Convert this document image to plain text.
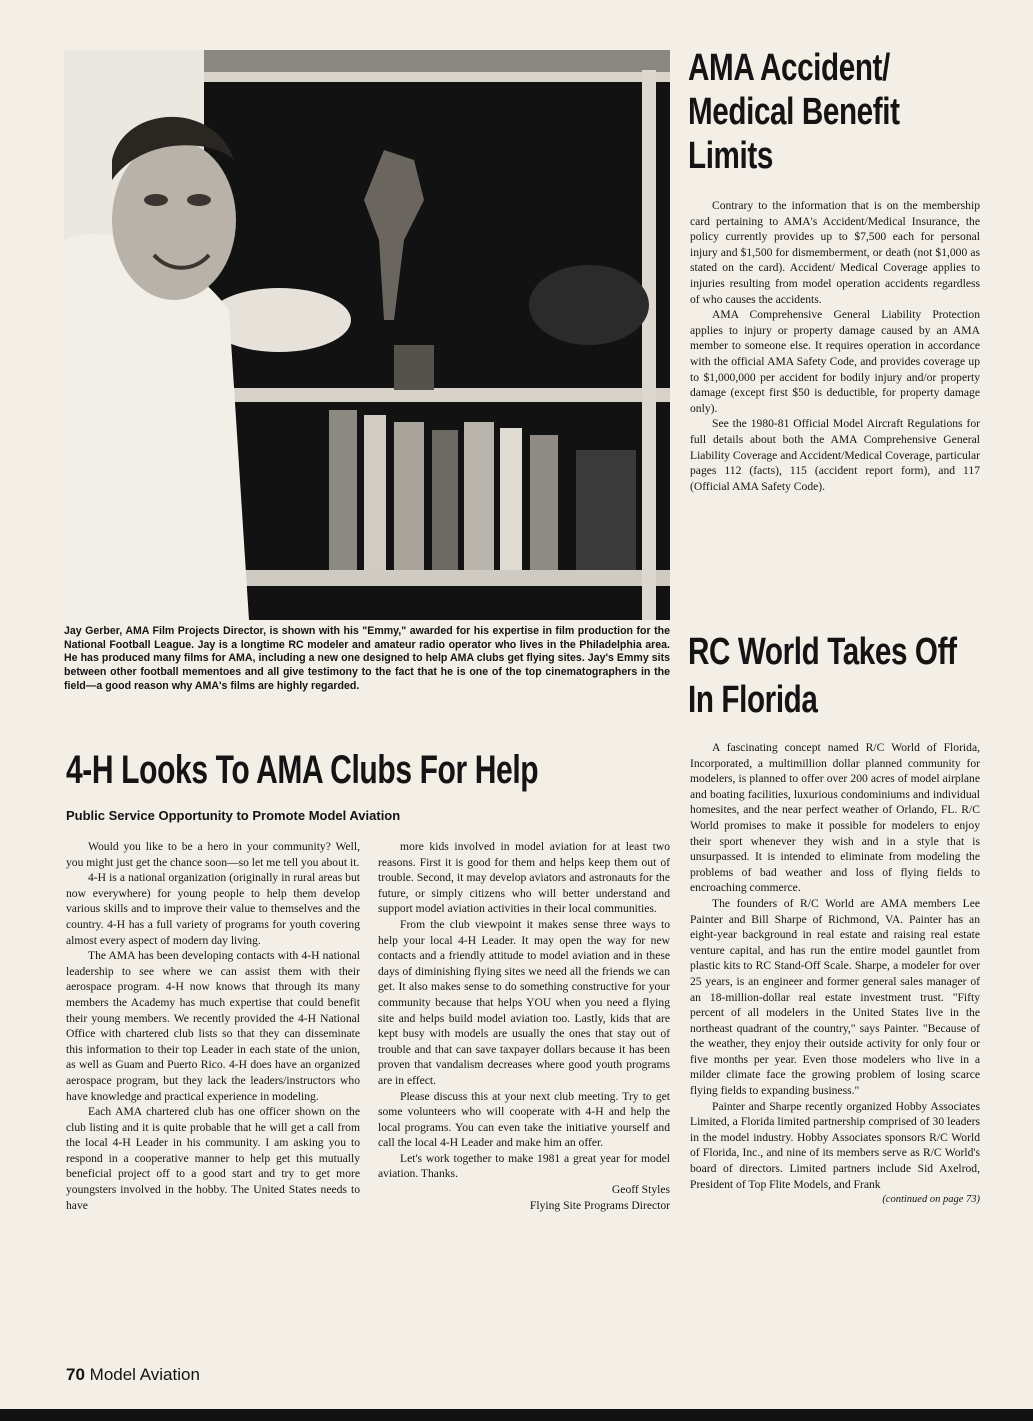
Jay Gerber, AMA Film Projects Director, is shown with his "Emmy," awarded for his expertise in film production for the National Football League. Jay is a longtime RC modeler and amateur radio operator who lives in the Philadelphia area. He has produced many films for AMA, including a new one designed to help AMA clubs get flying sites. Jay's Emmy sits between other football mementoes and all give testimony to the fact that he is one of the top cinematographers in the field—a good reason why AMA's films are highly regarded.

AMA Accident/ Medical Benefit Limits

Contrary to the information that is on the membership card pertaining to AMA's Accident/Medical Insurance, the policy currently provides up to $7,500 each for personal injury and $1,500 for dismemberment, or death (not $1,000 as stated on the card). Accident/ Medical Coverage applies to injuries resulting from model operation accidents regardless of who causes the accidents.

AMA Comprehensive General Liability Protection applies to injury or property damage caused by an AMA member to someone else. It requires operation in accordance with the official AMA Safety Code, and provides coverage up to $1,000,000 per accident for bodily injury and/or property damage (except first $50 is deductible, for property damage only).

See the 1980-81 Official Model Aircraft Regulations for full details about both the AMA Comprehensive General Liability Coverage and Accident/Medical Coverage, particular pages 112 (facts), 115 (accident report form), and 117 (Official AMA Safety Code).

RC World Takes Off In Florida

A fascinating concept named R/C World of Florida, Incorporated, a multimillion dollar planned community for modelers, is planned to offer over 200 acres of model airplane and boating facilities, luxurious condominiums and individual homesites, and the near perfect weather of Orlando, FL. R/C World promises to make it possible for modelers to enjoy their sport whenever they wish and in a style that is unsurpassed. It is intended to eliminate from modeling the problems of bad weather and loss of flying fields to encroaching commerce.

The founders of R/C World are AMA members Lee Painter and Bill Sharpe of Richmond, VA. Painter has an eight-year background in real estate and raising real estate venture capital, and has run the entire model gauntlet from plastic kits to RC Stand-Off Scale. Sharpe, a modeler for over 25 years, is an engineer and former general sales manager of an 18-million-dollar real estate investment trust. "Fifty percent of all modelers in the United States live in the northeast quadrant of the country," says Painter. "Because of the weather, they enjoy their outside activity for only four or five months per year. Even those modelers who live in a milder climate face the growing problem of losing scarce flying fields to expanding business."

Painter and Sharpe recently organized Hobby Associates Limited, a Florida limited partnership comprised of 30 leaders in the model industry. Hobby Associates sponsors R/C World of Florida, Inc., and nine of its members serve as R/C World's board of directors. Limited partners include Sid Axelrod, President of Top Flite Models, and Frank

(continued on page 73)

4-H Looks To AMA Clubs For Help

Public Service Opportunity to Promote Model Aviation

Would you like to be a hero in your community? Well, you might just get the chance soon—so let me tell you about it.

4-H is a national organization (originally in rural areas but now everywhere) for young people to help them develop various skills and to improve their value to themselves and the country. 4-H has a full variety of programs for youth covering almost every aspect of modern day living.

The AMA has been developing contacts with 4-H national leadership to see where we can assist them with their aerospace program. 4-H now knows that through its many members the Academy has much expertise that could benefit their young members. We recently provided the 4-H National Office with chartered club lists so that they can disseminate this information to their top Leader in each state of the union, as well as Guam and Puerto Rico. 4-H does have an organized aerospace program, but they lack the leaders/instructors who have knowledge and practical experience in modeling.

Each AMA chartered club has one officer shown on the club listing and it is quite probable that he will get a call from the local 4-H Leader in his community. I am asking you to respond in a cooperative manner to help get this mutually beneficial project off to a good start and try to get more youngsters involved in the hobby. The United States needs to have

more kids involved in model aviation for at least two reasons. First it is good for them and helps keep them out of trouble. Second, it may develop aviators and astronauts for the future, or simply citizens who will better understand and support model aviation activities in their local communities.

From the club viewpoint it makes sense three ways to help your local 4-H Leader. It may open the way for new contacts and a friendly attitude to model aviation and in these days of diminishing flying sites we need all the friends we can get. It also makes sense to do something constructive for your community because that helps YOU when you need a flying site and helps build model aviation too. Lastly, kids that are kept busy with models are usually the ones that stay out of trouble and that can save taxpayer dollars because it has been proven that vandalism decreases where good youth programs are in effect.

Please discuss this at your next club meeting. Try to get some volunteers who will cooperate with 4-H and help the local programs. You can even take the initiative yourself and call the local 4-H Leader and make him an offer.

Let's work together to make 1981 a great year for model aviation. Thanks.

Geoff Styles
Flying Site Programs Director

70 Model Aviation
